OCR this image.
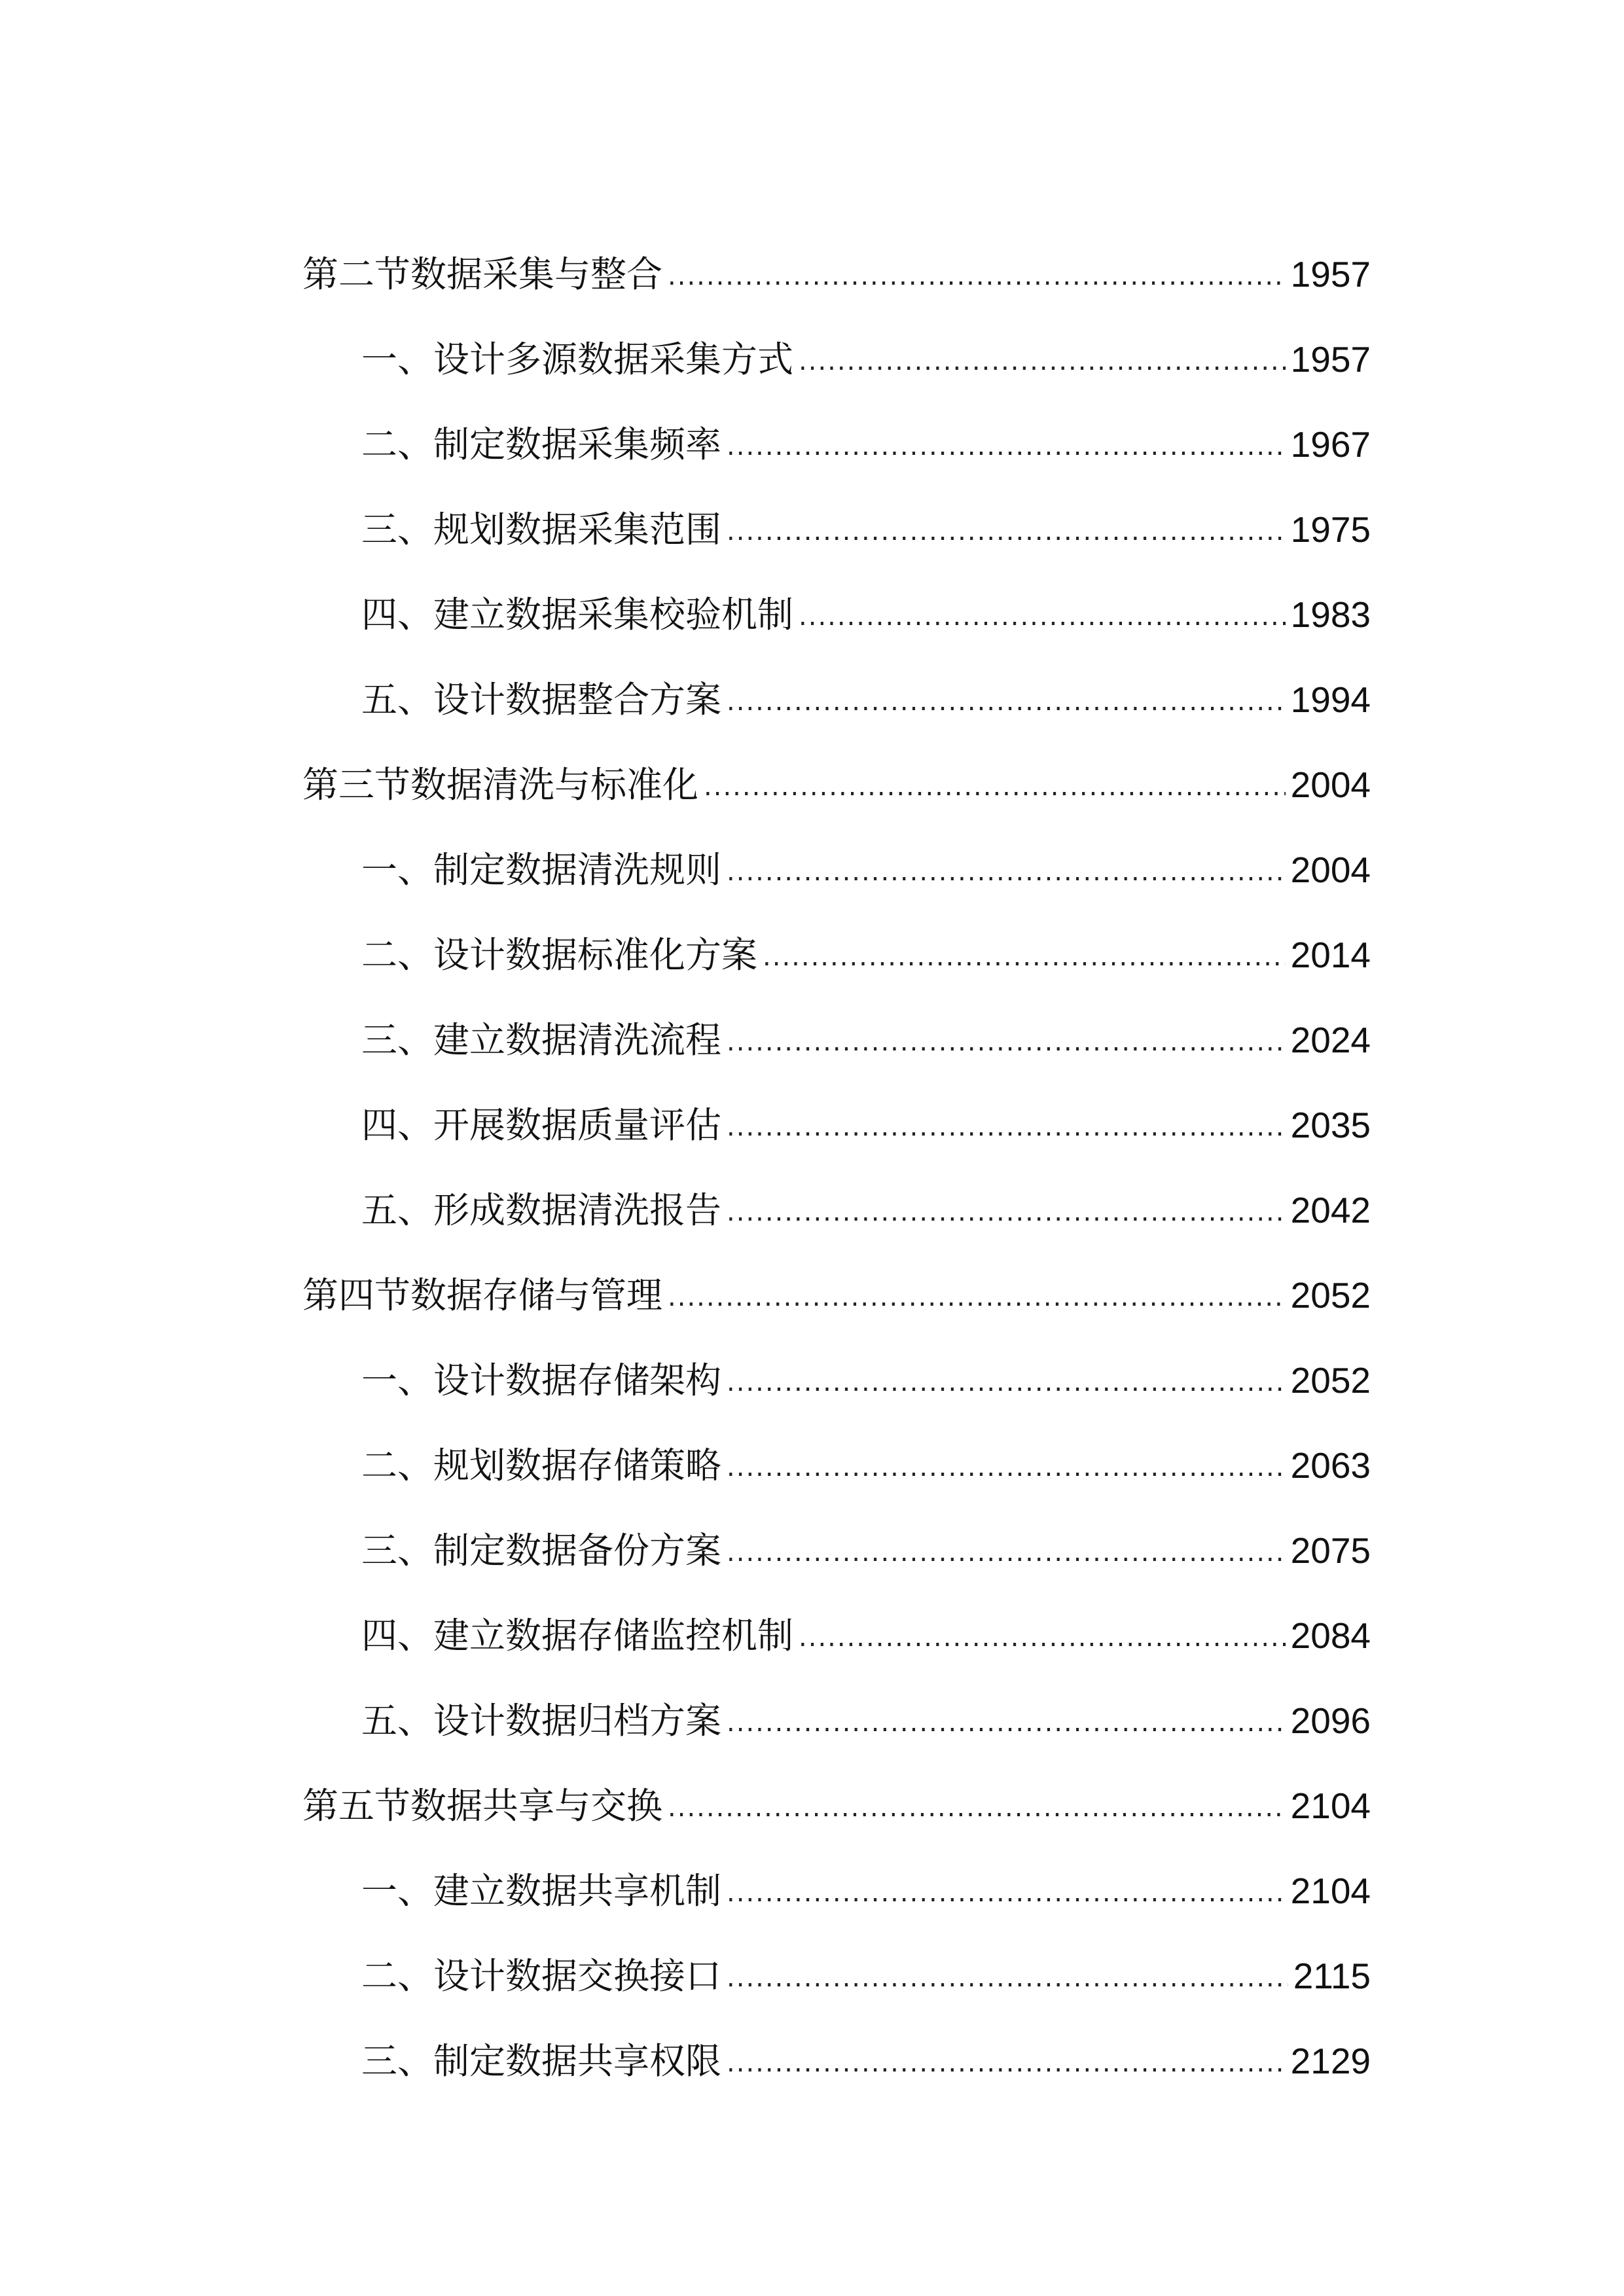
第二节数据采集与整合 .....	1957
一、设计多源数据采集方式 .....	1957
二、制定数据采集频率 .....	1967
三、规划数据采集范围 .....	1975
四、建立数据采集校验机制 .....	1983
五、设计数据整合方案 .....	1994
第三节数据清洗与标准化 .....	2004
一、制定数据清洗规则 .....	2004
二、设计数据标准化方案 .....	2014
三、建立数据清洗流程 .....	2024
四、开展数据质量评估 .....	2035
五、形成数据清洗报告 .....	2042
第四节数据存储与管理 .....	2052
一、设计数据存储架构 .....	2052
二、规划数据存储策略 .....	2063
三、制定数据备份方案 .....	2075
四、建立数据存储监控机制 .....	2084
五、设计数据归档方案 .....	2096
第五节数据共享与交换 .....	2104
一、建立数据共享机制 .....	2104
二、设计数据交换接口 .....	2115
三、制定数据共享权限 .....	2129
